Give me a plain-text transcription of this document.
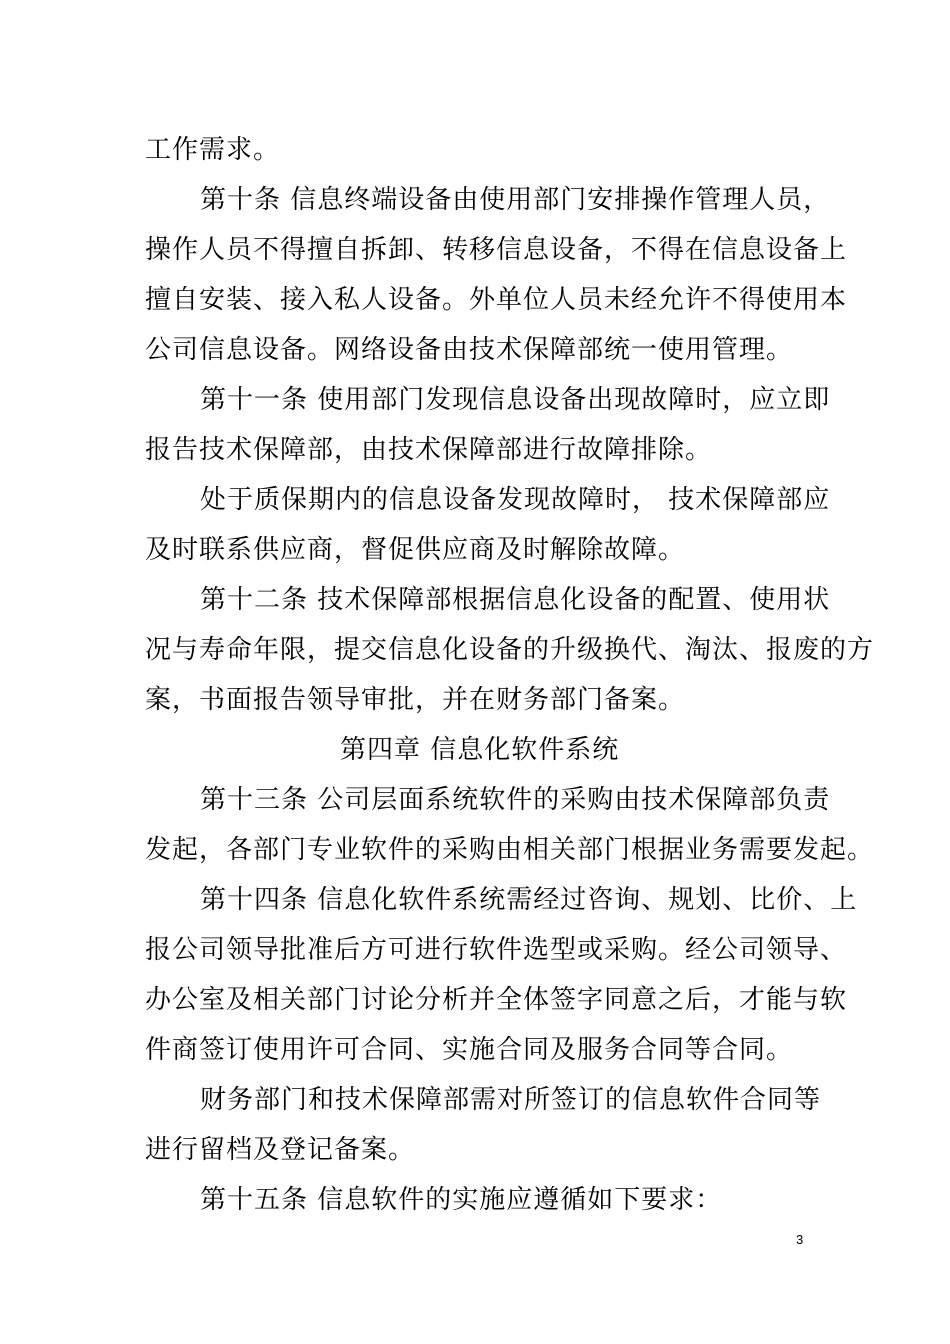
工作需求。
第十条 信息终端设备由使用部门安排操作管理人员，
操作人员不得擅自拆卸、转移信息设备，不得在信息设备上
擅自安装、接入私人设备。外单位人员未经允许不得使用本
公司信息设备。网络设备由技术保障部统一使用管理。
第十一条 使用部门发现信息设备出现故障时，应立即
报告技术保障部，由技术保障部进行故障排除。
处于质保期内的信息设备发现故障时， 技术保障部应
及时联系供应商，督促供应商及时解除故障。
第十二条 技术保障部根据信息化设备的配置、使用状
况与寿命年限，提交信息化设备的升级换代、淘汰、报废的方
案，书面报告领导审批，并在财务部门备案。
第四章 信息化软件系统
第十三条 公司层面系统软件的采购由技术保障部负责
发起，各部门专业软件的采购由相关部门根据业务需要发起。
第十四条 信息化软件系统需经过咨询、规划、比价、上
报公司领导批准后方可进行软件选型或采购。经公司领导、
办公室及相关部门讨论分析并全体签字同意之后，才能与软
件商签订使用许可合同、实施合同及服务合同等合同。
财务部门和技术保障部需对所签订的信息软件合同等
进行留档及登记备案。
第十五条 信息软件的实施应遵循如下要求：
3
